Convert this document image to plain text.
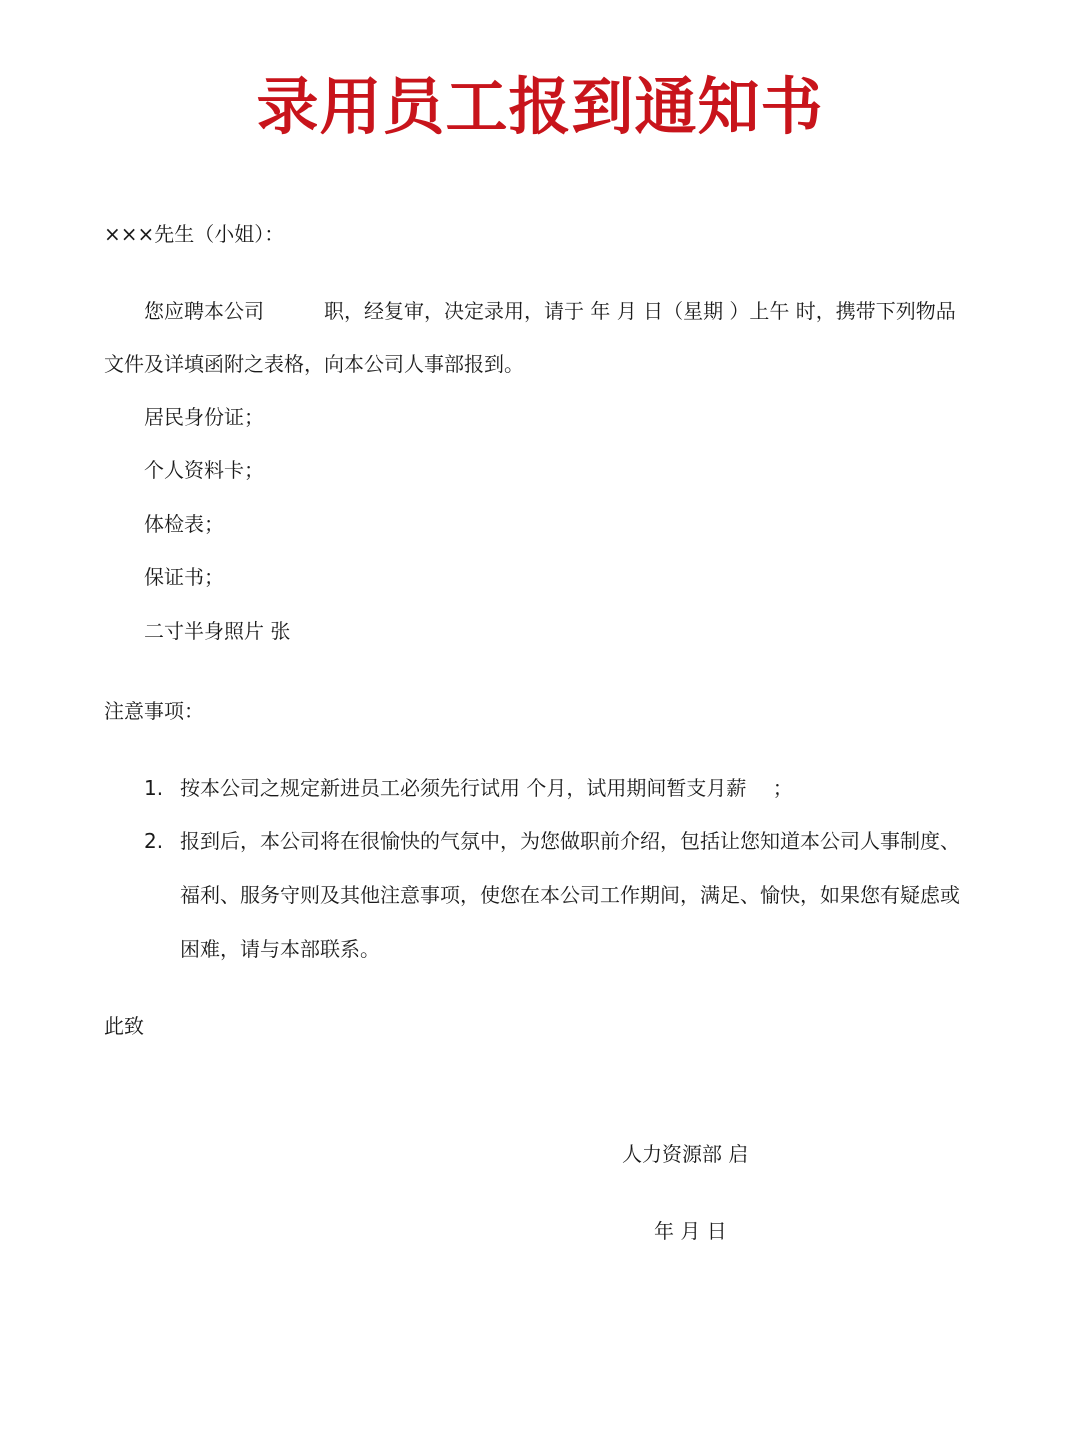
录用员工报到通知书
×××先生（小姐）：
您应聘本公司　　　职，经复审，决定录用，请于 年 月 日（星期 ）上午 时，携带下列物品
文件及详填函附之表格，向本公司人事部报到。
居民身份证；
个人资料卡；
体检表；
保证书；
二寸半身照片 张
注意事项：
1. 按本公司之规定新进员工必须先行试用 个月，试用期间暂支月薪　 ；
2. 报到后，本公司将在很愉快的气氛中，为您做职前介绍，包括让您知道本公司人事制度、
福利、服务守则及其他注意事项，使您在本公司工作期间，满足、愉快，如果您有疑虑或
困难，请与本部联系。
此致
人力资源部 启
年 月 日
